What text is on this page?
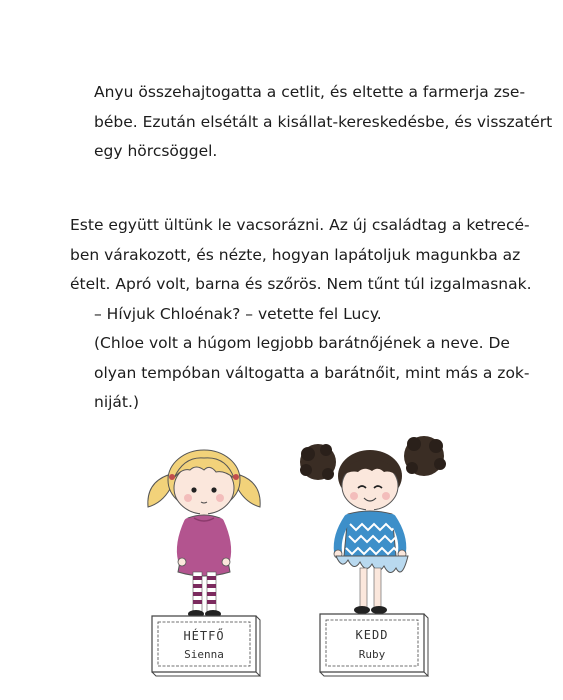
Anyu összehajtogatta a cetlit, és eltette a farmerja zse-
bébe. Ezután elsétált a kisállat-kereskedésbe, és visszatért
egy hörcsöggel.

Este együtt ültünk le vacsorázni. Az új családtag a ketrecé-
ben várakozott, és nézte, hogyan lapátoljuk magunkba az
ételt. Apró volt, barna és szőrös. Nem tűnt túl izgalmasnak.

– Hívjuk Chloénak? – vetette fel Lucy.

(Chloe volt a húgom legjobb barátnőjének a neve. De
olyan tempóban váltogatta a barátnőit, mint más a zok-
niját.)

HÉTFŐ
Sienna
KEDD
Ruby
